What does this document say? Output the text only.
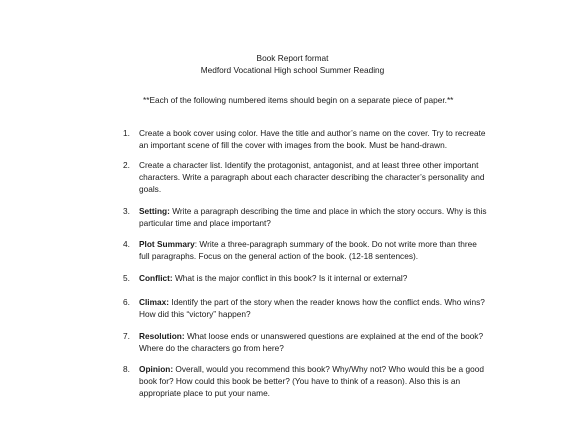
Book Report format
Medford Vocational High school Summer Reading
**Each of the following numbered items should begin on a separate piece of paper.**
1.	Create a book cover using color. Have the title and author’s name on the cover. Try to recreate
an important scene of fill the cover with images from the book. Must be hand-drawn.
2.	Create a character list. Identify the protagonist, antagonist, and at least three other important
characters. Write a paragraph about each character describing the character’s personality and
goals.
3.	Setting: Write a paragraph describing the time and place in which the story occurs. Why is this
particular time and place important?
4.	Plot Summary: Write a three-paragraph summary of the book. Do not write more than three
full paragraphs. Focus on the general action of the book. (12-18 sentences).
5.	Conflict: What is the major conflict in this book? Is it internal or external?
6.	Climax: Identify the part of the story when the reader knows how the conflict ends. Who wins?
How did this “victory” happen?
7.	Resolution: What loose ends or unanswered questions are explained at the end of the book?
Where do the characters go from here?
8.	Opinion: Overall, would you recommend this book? Why/Why not? Who would this be a good
book for? How could this book be better? (You have to think of a reason). Also this is an
appropriate place to put your name.
